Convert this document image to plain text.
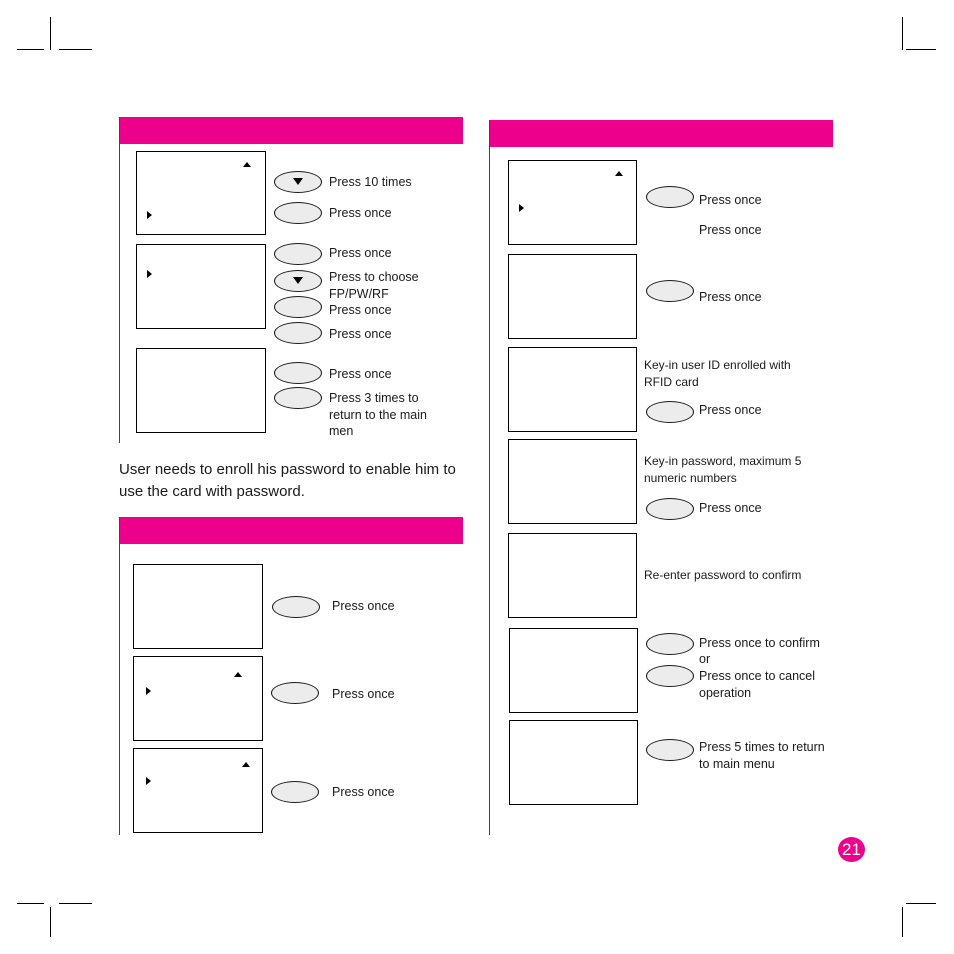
Press 10 times
Press once
Press once
Press to choose FP/PW/RF
Press once
Press once
Press once
Press 3 times to return to the main men
User needs to enroll his password to enable him to use the card with password.
Press once
Press once
Press once
Press once
Press once
Press once
Key-in user ID enrolled with RFID card
Press once
Key-in password, maximum 5 numeric numbers
Press once
Re-enter password to confirm
Press once to confirm
or
Press once to cancel operation
Press 5 times to return to main menu
21
